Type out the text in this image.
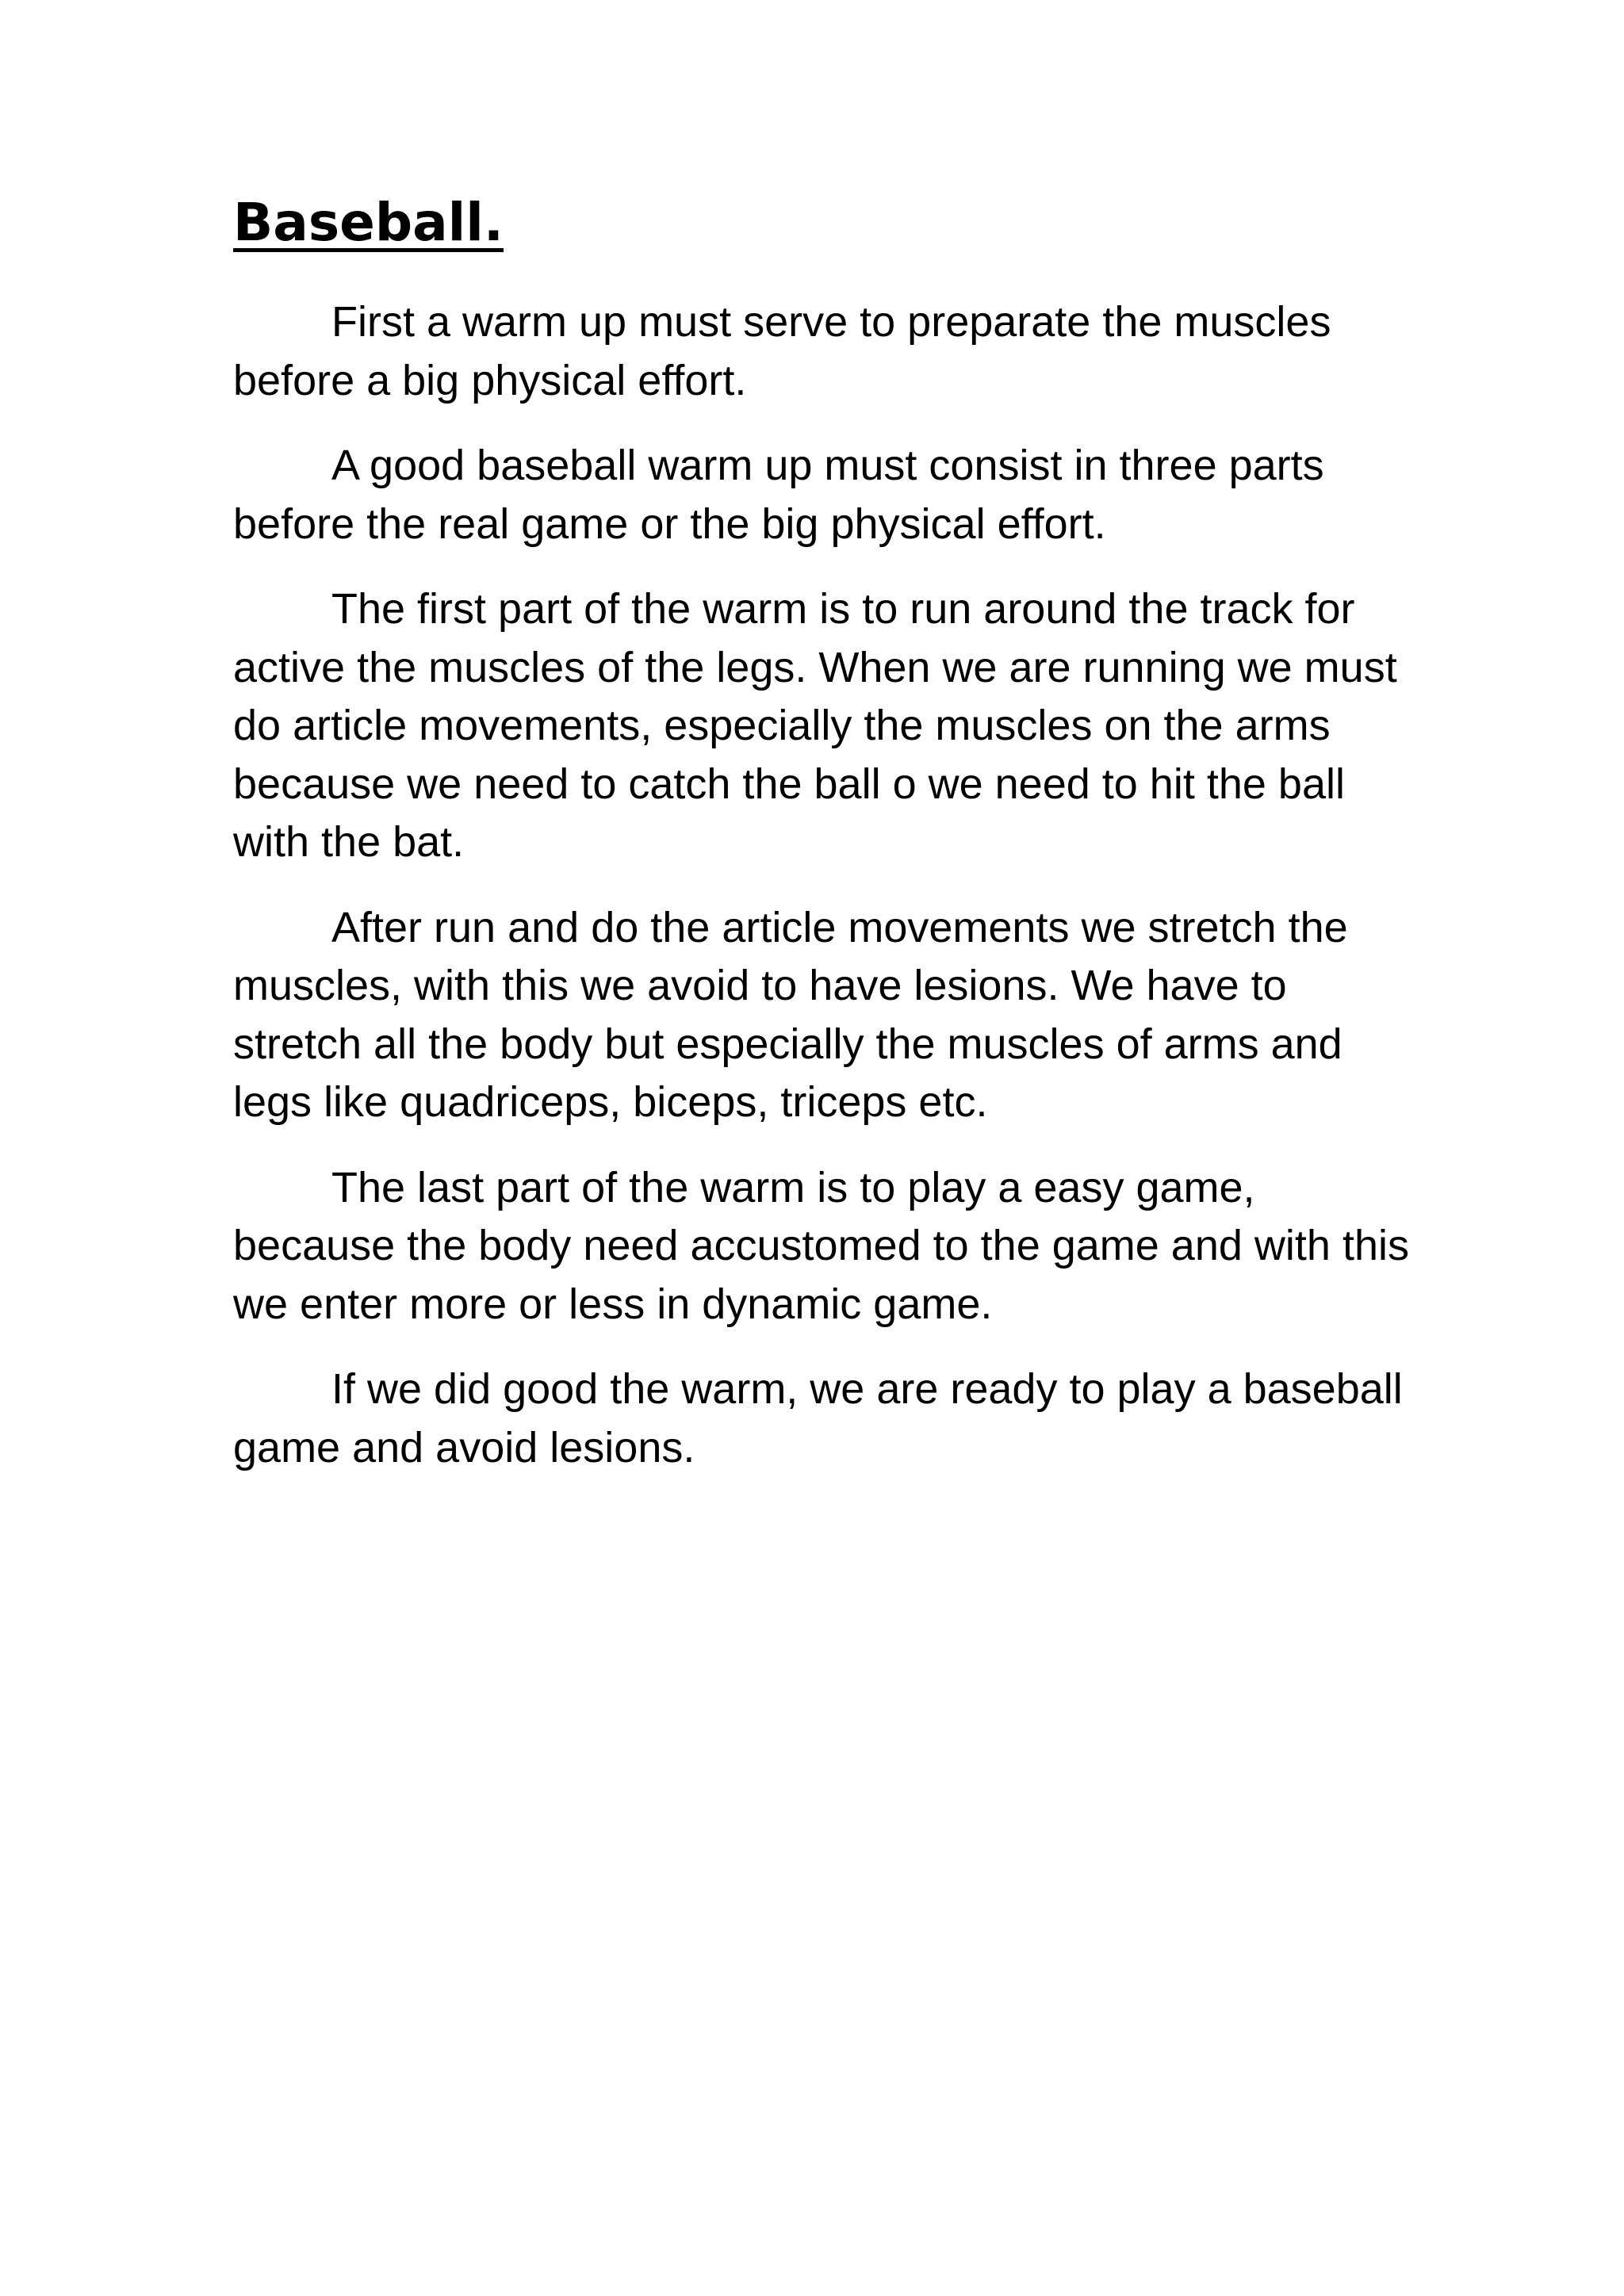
Baseball.

First a warm up must serve to preparate the muscles before a big physical effort.

A good baseball warm up must consist in three parts before the real game or the big physical effort.

The first part of the warm is to run around the track for active the muscles of the legs. When we are running we must do article movements, especially the muscles on the arms because we need to catch the ball o we need to hit the ball with the bat.

After run and do the article movements we stretch the muscles, with this we avoid to have lesions. We have to stretch all the body but especially the muscles of arms and legs like quadriceps, biceps, triceps etc.

The last part of the warm is to play a easy game, because the body need accustomed to the game and with this we enter more or less in dynamic game.

If we did good the warm, we are ready to play a baseball game and avoid lesions.
